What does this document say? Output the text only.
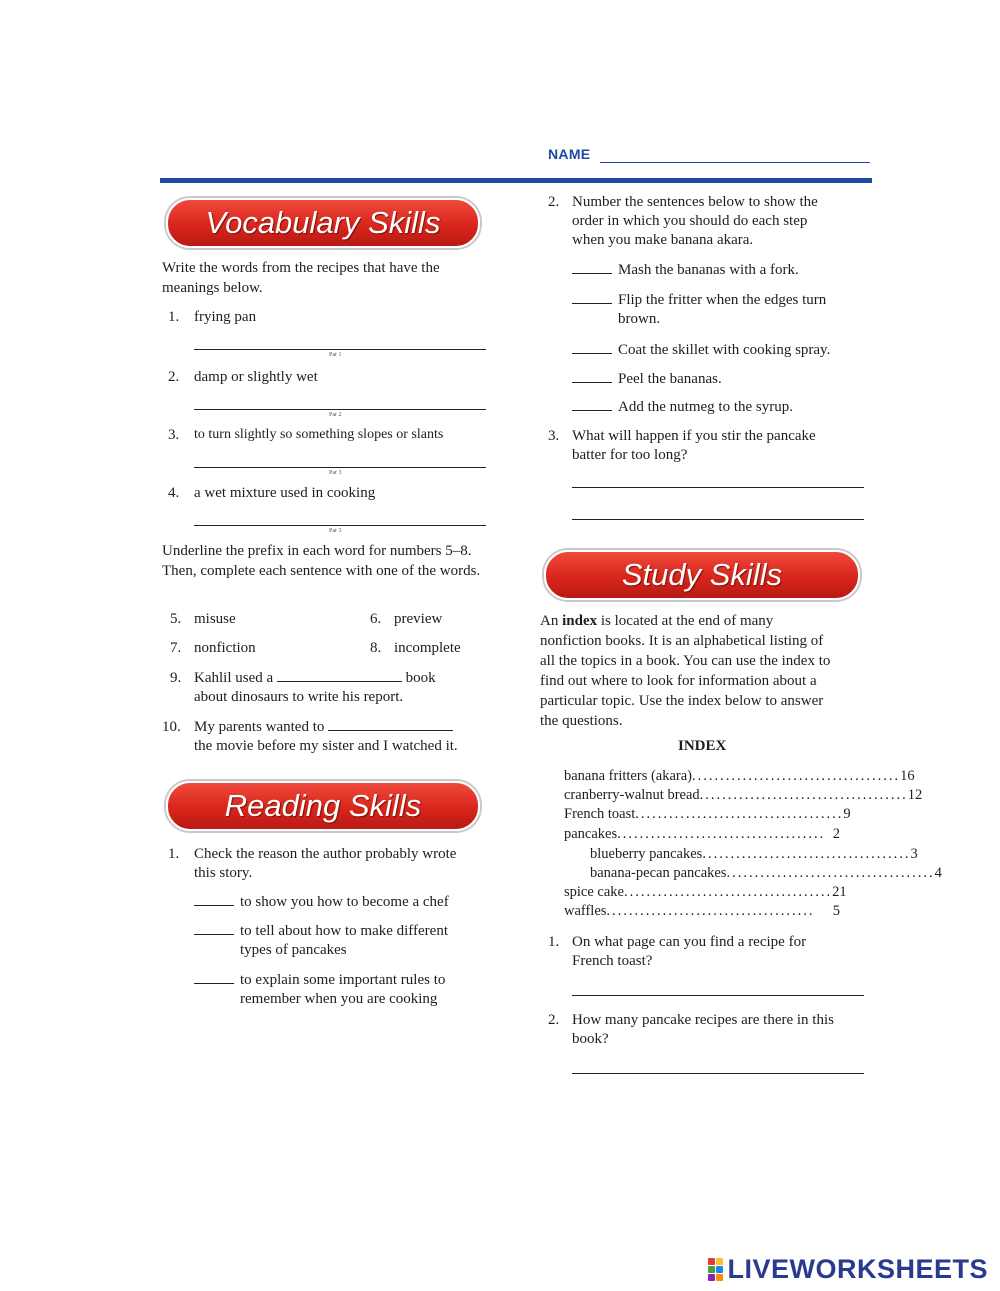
NAME
Vocabulary Skills
Write the words from the recipes that have the meanings below.
1. frying pan
Par 1
2. damp or slightly wet
Par 2
3. to turn slightly so something slopes or slants
Par 3
4. a wet mixture used in cooking
Par 3
Underline the prefix in each word for numbers 5–8. Then, complete each sentence with one of the words.
5. misuse	6. preview
7. nonfiction	8. incomplete
9. Kahlil used a	book
about dinosaurs to write his report.
10. My parents wanted to
the movie before my sister and I watched it.
Reading Skills
1. Check the reason the author probably wrote
this story.
to show you how to become a chef
to tell about how to make different
types of pancakes
to explain some important rules to
remember when you are cooking
2. Number the sentences below to show the
order in which you should do each step
when you make banana akara.
Mash the bananas with a fork.
Flip the fritter when the edges turn
brown.
Coat the skillet with cooking spray.
Peel the bananas.
Add the nutmeg to the syrup.
3. What will happen if you stir the pancake
batter for too long?
Study Skills
An index is located at the end of many
nonfiction books. It is an alphabetical listing of
all the topics in a book. You can use the index to
find out where to look for information about a
particular topic. Use the index below to answer
the questions.
INDEX
banana fritters (akara) ..................................... 16
cranberry-walnut bread ..................................... 12
French toast ..................................... 9
pancakes ..................................... 2
blueberry pancakes ..................................... 3
banana-pecan pancakes ..................................... 4
spice cake ..................................... 21
waffles .....................................	5
1. On what page can you find a recipe for
French toast?
2. How many pancake recipes are there in this
book?
LIVEWORKSHEETS
